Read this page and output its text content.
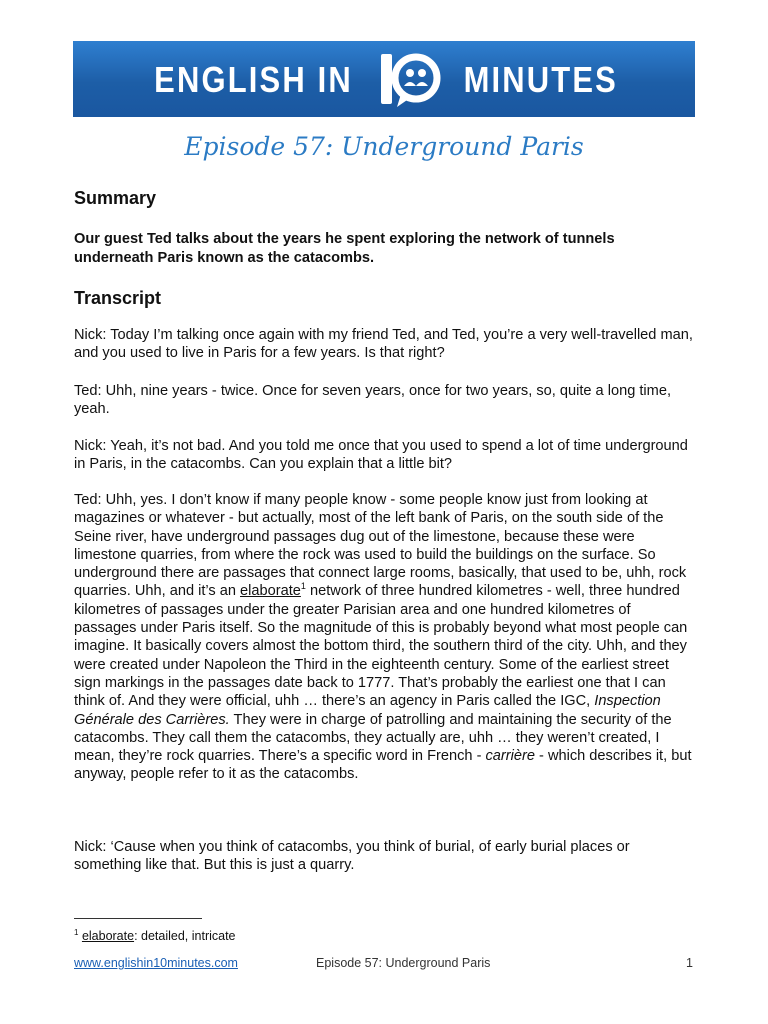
ENGLISH IN	MINUTES
Episode 57: Underground Paris
Summary

Our guest Ted talks about the years he spent exploring the network of tunnels underneath Paris known as the catacombs.

Transcript

Nick: Today I’m talking once again with my friend Ted, and Ted, you’re a very well-travelled man, and you used to live in Paris for a few years. Is that right?

Ted: Uhh, nine years - twice. Once for seven years, once for two years, so, quite a long time, yeah.

Nick: Yeah, it’s not bad. And you told me once that you used to spend a lot of time underground in Paris, in the catacombs. Can you explain that a little bit?

Ted: Uhh, yes. I don’t know if many people know - some people know just from looking at magazines or whatever - but actually, most of the left bank of Paris, on the south side of the Seine river, have underground passages dug out of the limestone, because these were limestone quarries, from where the rock was used to build the buildings on the surface. So underground there are passages that connect large rooms, basically, that used to be, uhh, rock quarries. Uhh, and it’s an elaborate$^1$ network of three hundred kilometres - well, three hundred kilometres of passages under the greater Parisian area and one hundred kilometres of passages under Paris itself. So the magnitude of this is probably beyond what most people can imagine. It basically covers almost the bottom third, the southern third of the city. Uhh, and they were created under Napoleon the Third in the eighteenth century. Some of the earliest street sign markings in the passages date back to 1777. That’s probably the earliest one that I can think of. And they were official, uhh … there’s an agency in Paris called the IGC, Inspection Générale des Carrières. They were in charge of patrolling and maintaining the security of the catacombs. They call them the catacombs, they actually are, uhh … they weren’t created, I mean, they’re rock quarries. There’s a specific word in French - carrière - which describes it, but anyway, people refer to it as the catacombs.

Nick: ‘Cause when you think of catacombs, you think of burial, of early burial places or something like that. But this is just a quarry.

$^1$ elaborate: detailed, intricate
www.englishin10minutes.com	Episode 57: Underground Paris	1
